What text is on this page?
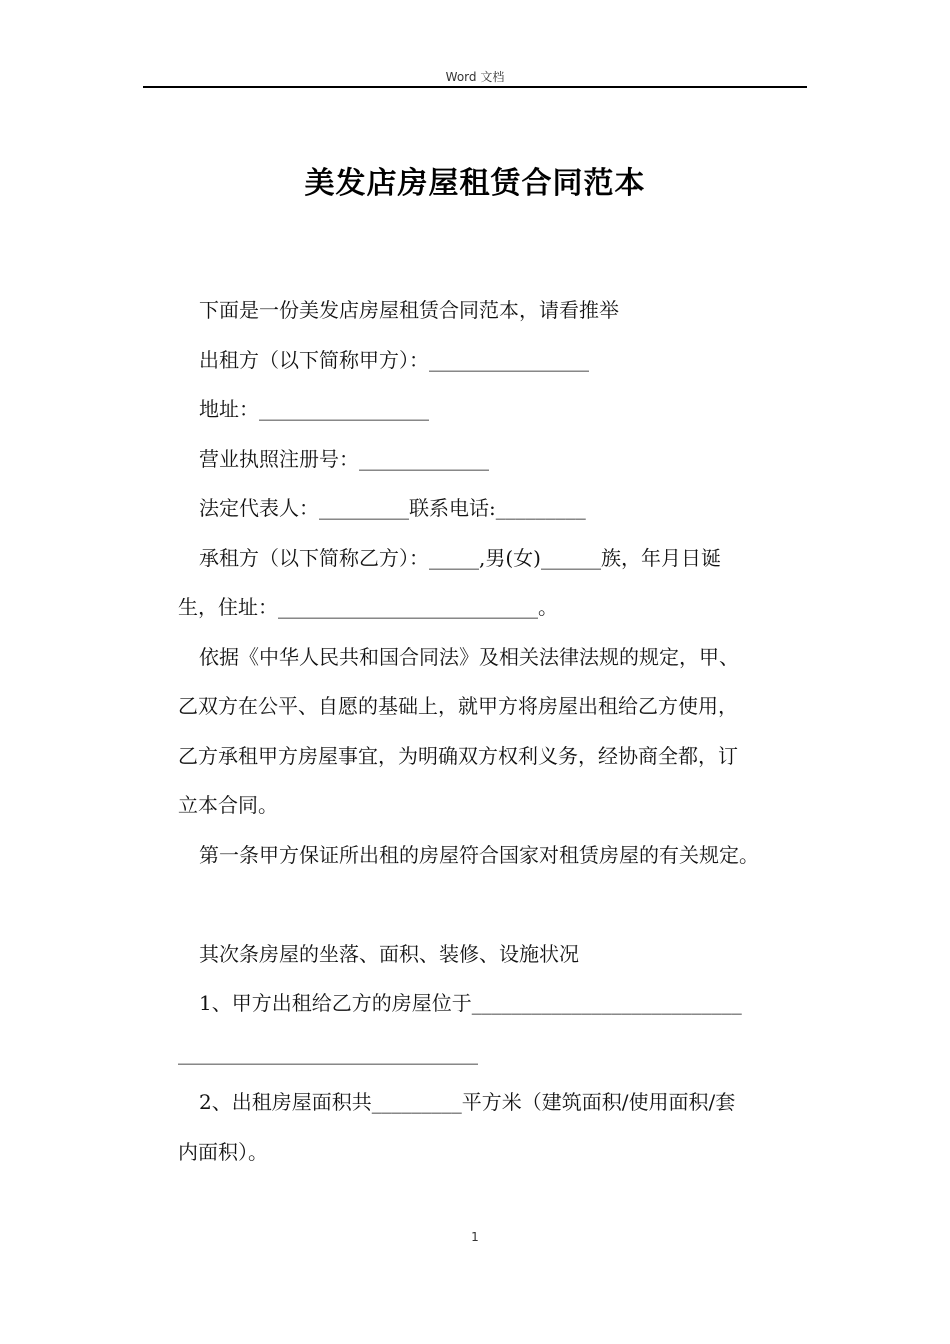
Word 文档
美发店房屋租赁合同范本

下面是一份美发店房屋租赁合同范本，请看推举

出租方（以下简称甲方）：________________

地址：_________________

营业执照注册号：_____________

法定代表人：_________联系电话:_________

承租方（以下简称乙方）：_____,男(女)______族，年月日诞

生，住址：__________________________。

依据《中华人民共和国合同法》及相关法律法规的规定，甲、

乙双方在公平、自愿的基础上，就甲方将房屋出租给乙方使用，

乙方承租甲方房屋事宜，为明确双方权利义务，经协商全都，订

立本合同。

第一条甲方保证所出租的房屋符合国家对租赁房屋的有关规定。

其次条房屋的坐落、面积、装修、设施状况

1、甲方出租给乙方的房屋位于___________________________

______________________________

2、出租房屋面积共_________平方米（建筑面积/使用面积/套

内面积）。

1
